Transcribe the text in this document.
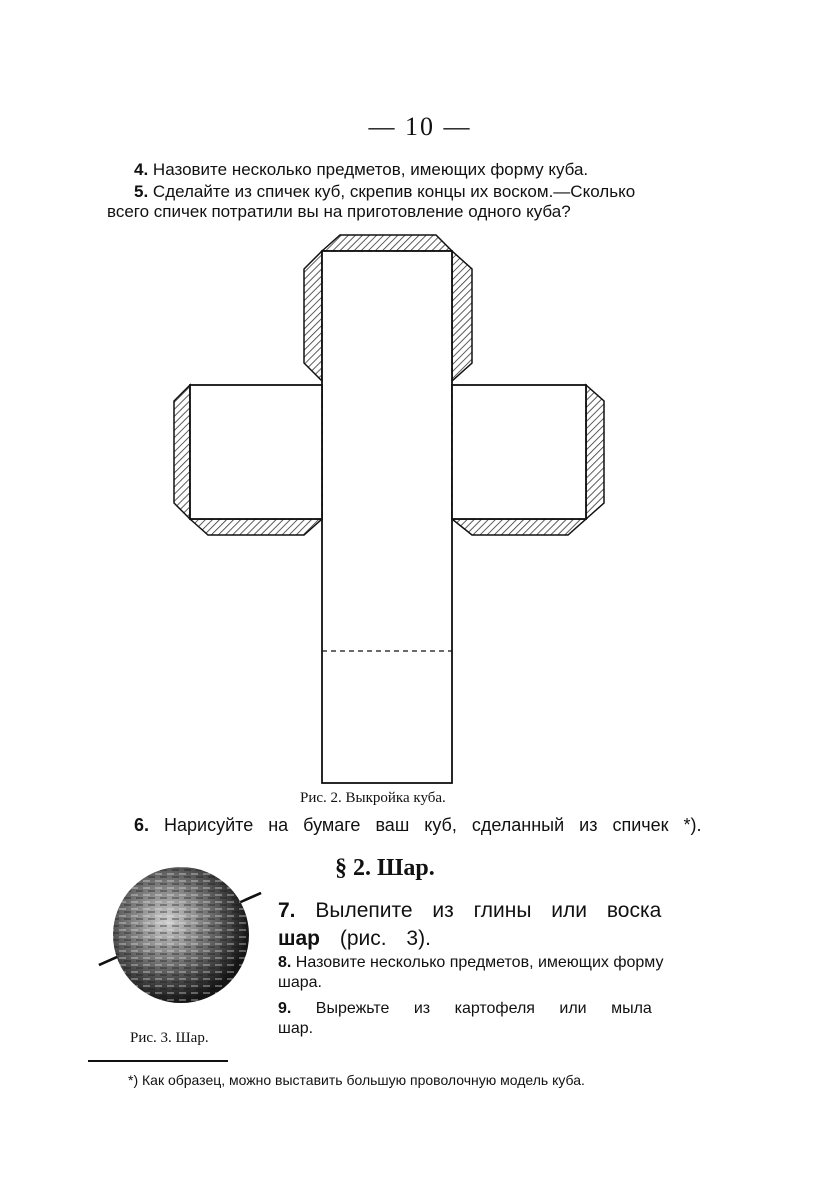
— 10 —
4. Назовите несколько предметов, имеющих форму куба.
5. Сделайте из спичек куб, скрепив концы их воском.—Сколько
всего спичек потратили вы на приготовление одного куба?
Рис. 2. Выкройка куба.
6. Нарисуйте на бумаге ваш куб, сделанный из спичек *).
§ 2. Шар.
7. Вылепите из глины или воска шар (рис. 3).
8. Назовите несколько предметов, имеющих форму шара.
9. Вырежьте из картофеля или мыла шар.
Рис. 3. Шар.
*) Как образец, можно выставить большую проволочную модель куба.
